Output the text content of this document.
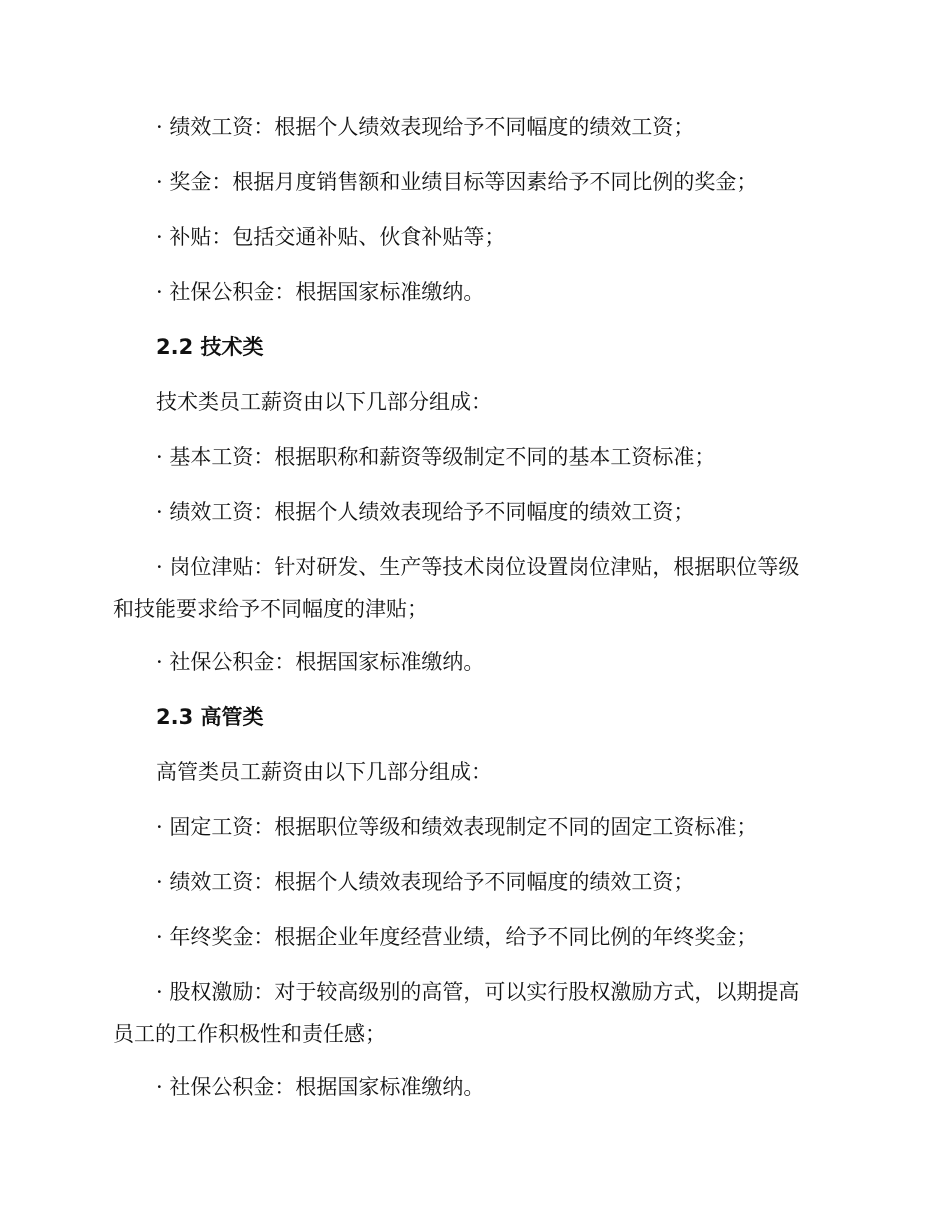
· 绩效工资：根据个人绩效表现给予不同幅度的绩效工资；
· 奖金：根据月度销售额和业绩目标等因素给予不同比例的奖金；
· 补贴：包括交通补贴、伙食补贴等；
· 社保公积金：根据国家标准缴纳。
2.2 技术类
技术类员工薪资由以下几部分组成：
· 基本工资：根据职称和薪资等级制定不同的基本工资标准；
· 绩效工资：根据个人绩效表现给予不同幅度的绩效工资；
· 岗位津贴：针对研发、生产等技术岗位设置岗位津贴，根据职位等级
和技能要求给予不同幅度的津贴；
· 社保公积金：根据国家标准缴纳。
2.3 高管类
高管类员工薪资由以下几部分组成：
· 固定工资：根据职位等级和绩效表现制定不同的固定工资标准；
· 绩效工资：根据个人绩效表现给予不同幅度的绩效工资；
· 年终奖金：根据企业年度经营业绩，给予不同比例的年终奖金；
· 股权激励：对于较高级别的高管，可以实行股权激励方式，以期提高
员工的工作积极性和责任感；
· 社保公积金：根据国家标准缴纳。
